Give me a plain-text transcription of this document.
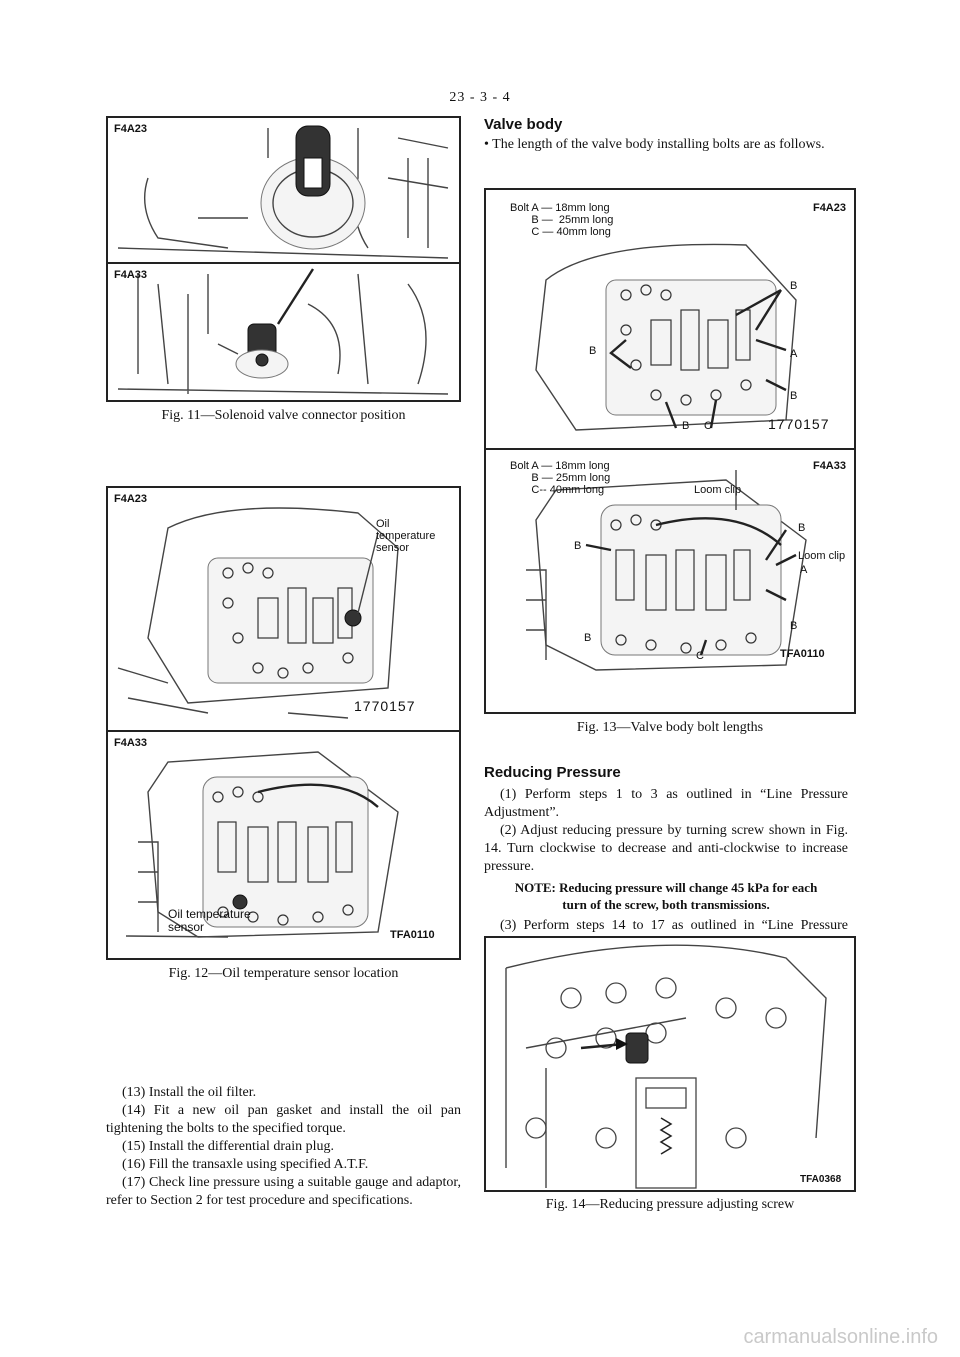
23 - 3 - 4
F4A23
F4A33
Fig. 11—Solenoid valve connector position
F4A23
Oil
temperature
sensor
1770157
F4A33
Oil temperature
sensor
TFA0110
Fig. 12—Oil temperature sensor location
(13) Install the oil filter.
(14) Fit a new oil pan gasket and install the oil pan tightening the bolts to the specified torque.
(15) Install the differential drain plug.
(16) Fill the transaxle using specified A.T.F.
(17) Check line pressure using a suitable gauge and adaptor, refer to Section 2 for test procedure and specifications.
Valve body
• The length of the valve body installing bolts are as follows.
Bolt A — 18mm long
B —  25mm long
C — 40mm long
F4A23
B
B	A
B
B C	1770157
Bolt A — 18mm long
B — 25mm long
C-- 40mm long
F4A33
Loom clip
B
B
Loom clip
A
B
B
C	TFA0110
Fig. 13—Valve body bolt lengths
Reducing Pressure
(1) Perform steps 1 to 3 as outlined in “Line Pressure Adjustment”.
(2) Adjust reducing pressure by turning screw shown in Fig. 14. Turn clockwise to decrease and anti-clockwise to increase pressure.
NOTE: Reducing pressure will change 45 kPa for each turn of the screw, both transmissions.
(3) Perform steps 14 to 17 as outlined in “Line Pressure
TFA0368
Fig. 14—Reducing pressure adjusting screw
carmanualsonline.info
